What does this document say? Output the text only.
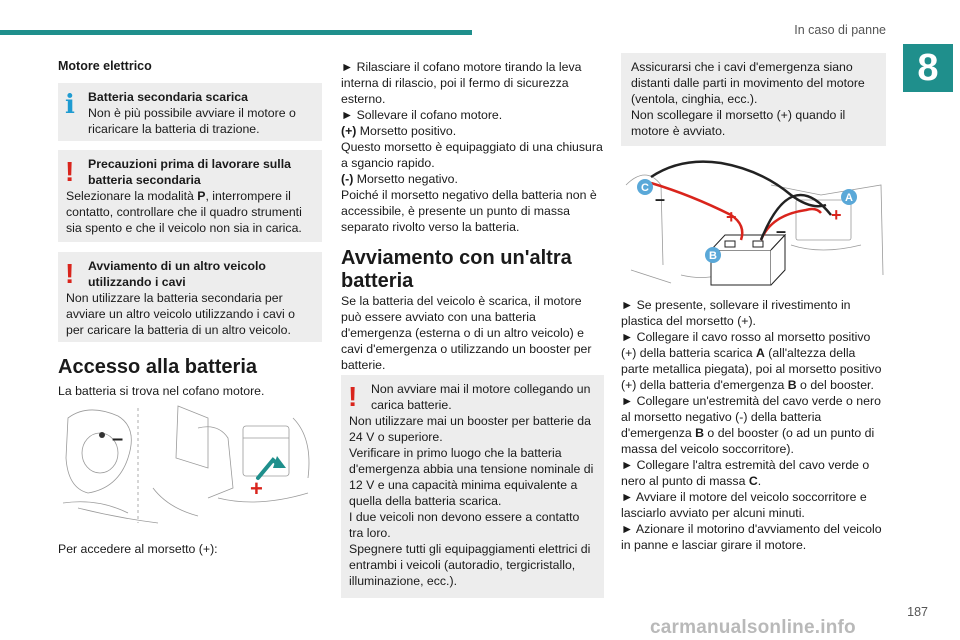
In caso di panne
8
Motore elettrico
i	Batteria secondaria scarica
Non è più possibile avviare il motore o ricaricare la batteria di trazione.
!	Precauzioni prima di lavorare sulla batteria secondaria
Selezionare la modalità P, interrompere il contatto, controllare che il quadro strumenti sia spento e che il veicolo non sia in carica.
!	Avviamento di un altro veicolo utilizzando i cavi
Non utilizzare la batteria secondaria per avviare un altro veicolo utilizzando i cavi o per caricare la batteria di un altro veicolo.
Accesso alla batteria
La batteria si trova nel cofano motore.
–
+
Per accedere al morsetto (+):
► Rilasciare il cofano motore tirando la leva interna di rilascio, poi il fermo di sicurezza esterno.
► Sollevare il cofano motore.
(+) Morsetto positivo.
Questo morsetto è equipaggiato di una chiusura a sgancio rapido.
(-) Morsetto negativo.
Poiché il morsetto negativo della batteria non è accessibile, è presente un punto di massa separato rivolto verso la batteria.
Avviamento con un'altra batteria
Se la batteria del veicolo è scarica, il motore può essere avviato con una batteria d'emergenza (esterna o di un altro veicolo) e cavi d'emergenza o utilizzando un booster per batterie.
!	Non avviare mai il motore collegando un carica batterie.
Non utilizzare mai un booster per batterie da 24 V o superiore.
Verificare in primo luogo che la batteria d'emergenza abbia una tensione nominale di 12 V e una capacità minima equivalente a quella della batteria scarica.
I due veicoli non devono essere a contatto tra loro.
Spegnere tutti gli equipaggiamenti elettrici di entrambi i veicoli (autoradio, tergicristallo, illuminazione, ecc.).
Assicurarsi che i cavi d'emergenza siano distanti dalle parti in movimento del motore (ventola, cinghia, ecc.).
Non scollegare il morsetto (+) quando il motore è avviato.
C
A
B
–
+
–
+
► Se presente, sollevare il rivestimento in plastica del morsetto (+).
► Collegare il cavo rosso al morsetto positivo (+) della batteria scarica A (all'altezza della parte metallica piegata), poi al morsetto positivo (+) della batteria d'emergenza B o del booster.
► Collegare un'estremità del cavo verde o nero al morsetto negativo (-) della batteria d'emergenza B o del booster (o ad un punto di massa del veicolo soccorritore).
► Collegare l'altra estremità del cavo verde o nero al punto di massa C.
► Avviare il motore del veicolo soccorritore e lasciarlo avviato per alcuni minuti.
► Azionare il motorino d'avviamento del veicolo in panne e lasciar girare il motore.
187
carmanualsonline.info
